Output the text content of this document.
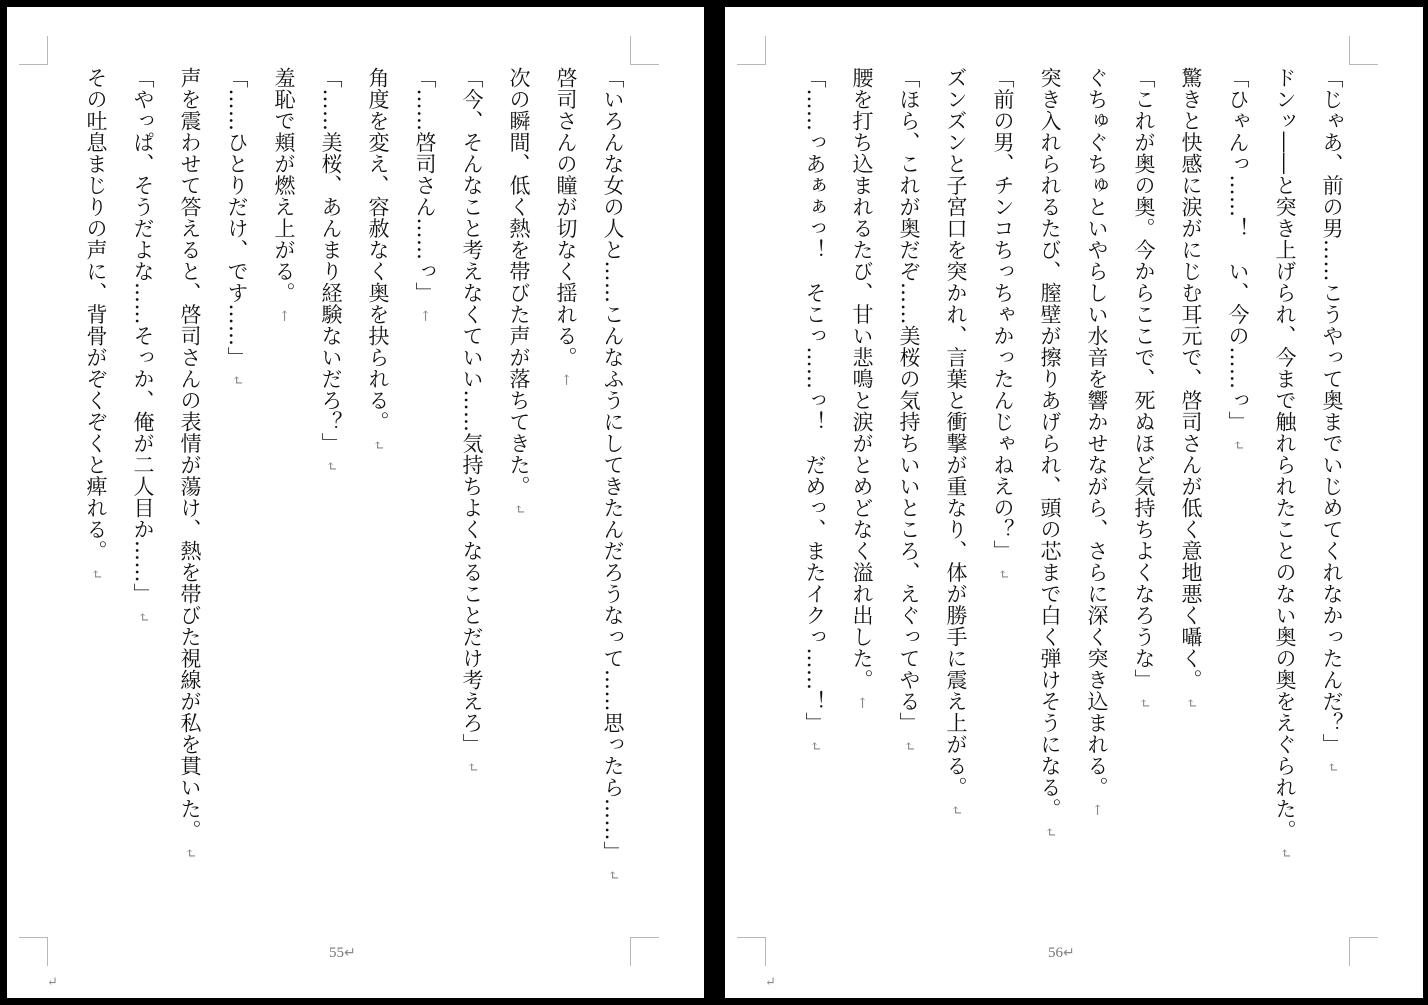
「いろんな女の人と……こんなふうにしてきたんだろうなって……思ったら……」↵
啓司さんの瞳が切なく揺れる。←
次の瞬間、低く熱を帯びた声が落ちてきた。↵
「今、そんなこと考えなくていい……気持ちよくなることだけ考えろ」↵
「……啓司さん……っ」←
角度を変え、容赦なく奥を抉られる。↵
「……美桜、あんまり経験ないだろ？」↵
羞恥で頬が燃え上がる。←
「……ひとりだけ、です……」↵
声を震わせて答えると、啓司さんの表情が蕩け、熱を帯びた視線が私を貫いた。↵
「やっぱ、そうだよな……そっか、俺が二人目か……」↵
その吐息まじりの声に、背骨がぞくぞくと痺れる。↵
55↵
↵
「じゃあ、前の男……こうやって奥までいじめてくれなかったんだ？」↵
ドンッ――と突き上げられ、今まで触れられたことのない奥の奥をえぐられた。↵
「ひゃんっ……！　い、今の……っ」↵
驚きと快感に涙がにじむ耳元で、啓司さんが低く意地悪く囁く。↵
「これが奥の奥。今からここで、死ぬほど気持ちよくなろうな」↵
ぐちゅぐちゅといやらしい水音を響かせながら、さらに深く突き込まれる。←
突き入れられるたび、膣壁が擦りあげられ、頭の芯まで白く弾けそうになる。↵
「前の男、チンコちっちゃかったんじゃねえの？」↵
ズンズンと子宮口を突かれ、言葉と衝撃が重なり、体が勝手に震え上がる。↵
「ほら、これが奥だぞ……美桜の気持ちいいところ、えぐってやる」↵
腰を打ち込まれるたび、甘い悲鳴と涙がとめどなく溢れ出した。←
「……っあぁぁっ！　そこっ……っ！　だめっ、またイクっ……！」↵
56↵
↵
